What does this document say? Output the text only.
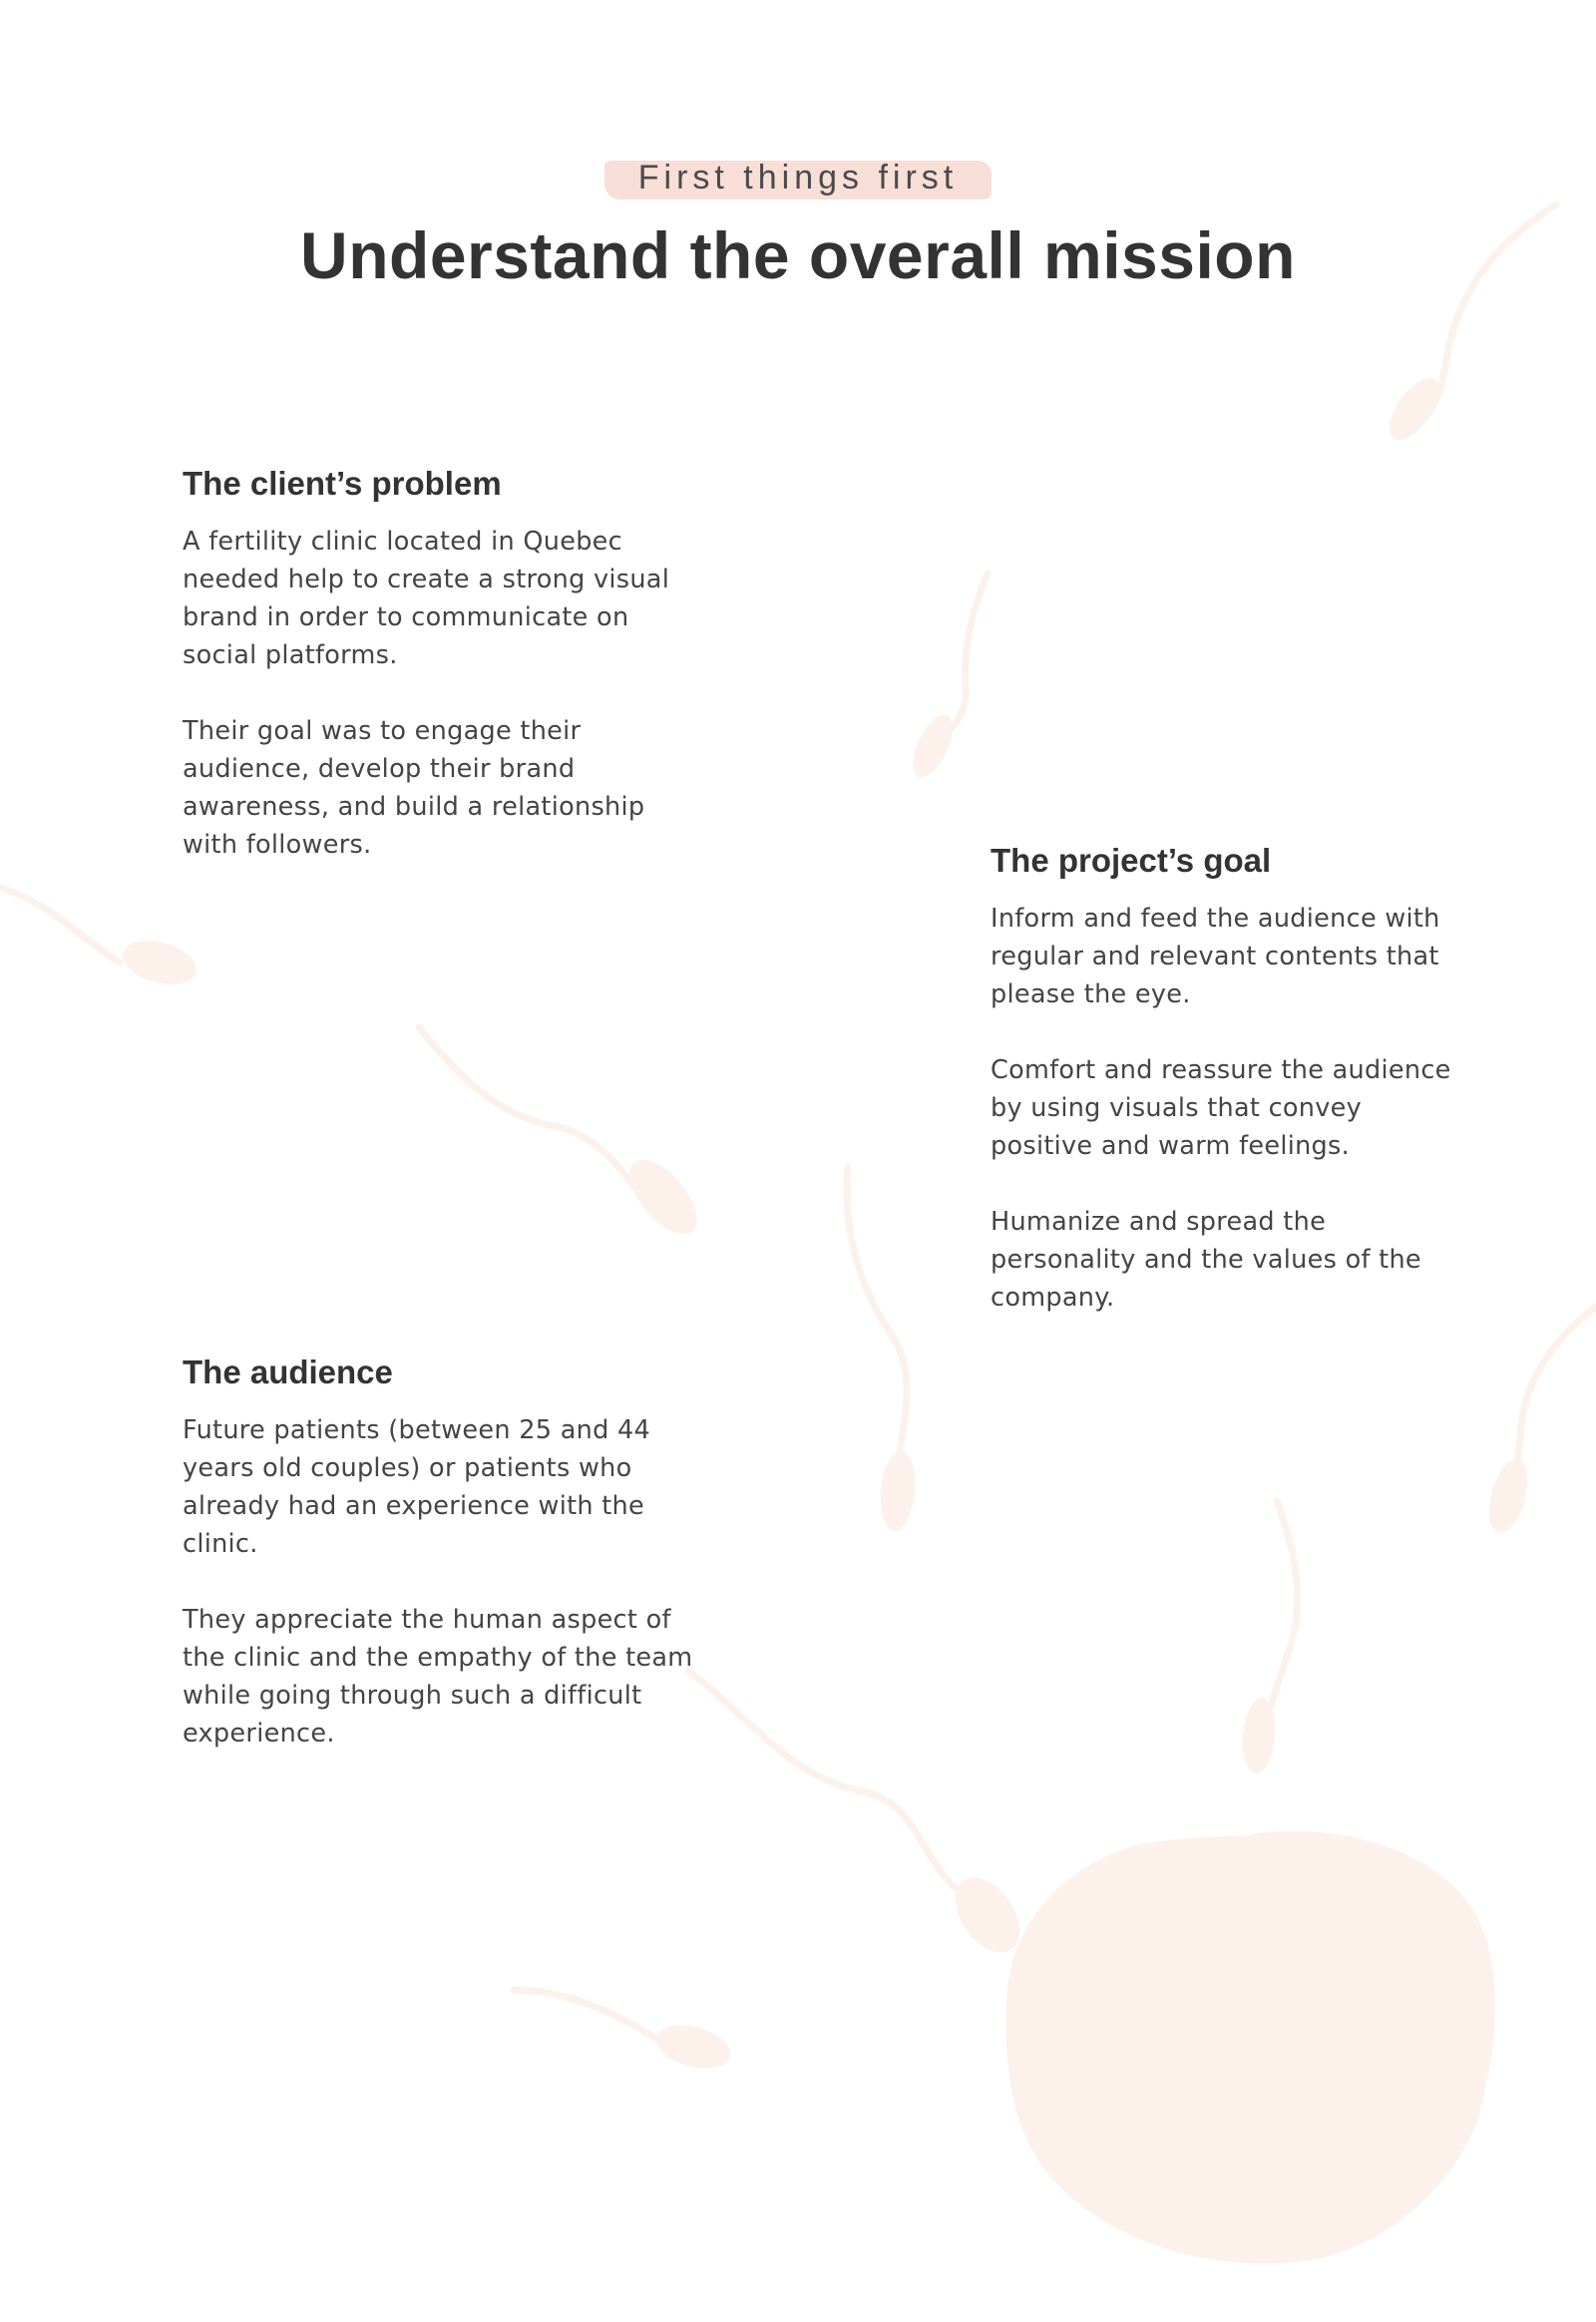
First things first
Understand the overall mission
The client’s problem

A fertility clinic located in Quebec needed help to create a strong visual brand in order to communicate on social platforms.

Their goal was to engage their audience, develop their brand awareness, and build a relationship with followers.	The project’s goal

Inform and feed the audience with regular and relevant contents that please the eye.

Comfort and reassure the audience by using visuals that convey positive and warm feelings.

Humanize and spread the personality and the values of the company.

The audience

Future patients (between 25 and 44 years old couples) or patients who already had an experience with the clinic.

They appreciate the human aspect of the clinic and the empathy of the team while going through such a difficult experience.
